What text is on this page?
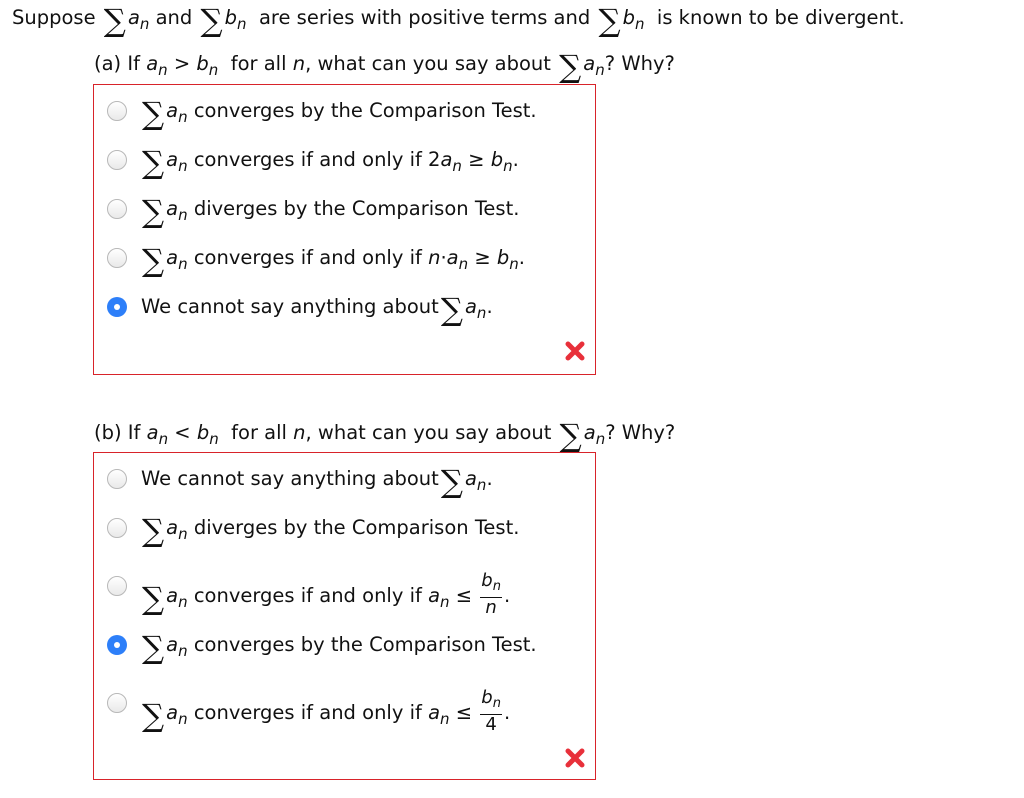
Suppose ∑ $a_n$ and ∑ $b_n$ are series with positive terms and ∑ $b_n$ is known to be divergent.
(a) If $a_n > b_n$ for all n, what can you say about ∑ $a_n$? Why?
∑ $a_n$ converges by the Comparison Test.
∑ $a_n$ converges if and only if $2a_n \ge b_n$.
∑ $a_n$ diverges by the Comparison Test.
∑ $a_n$ converges if and only if $n\cdot a_n \ge b_n$.
We cannot say anything about∑ $a_n$.
(b) If $a_n < b_n$ for all n, what can you say about ∑ $a_n$? Why?
We cannot say anything about∑ $a_n$.
∑ $a_n$ diverges by the Comparison Test.
∑ $a_n$ converges if and only if $a_n \le \frac{b_n}{n}$ .
∑ $a_n$ converges by the Comparison Test.
∑ $a_n$ converges if and only if $a_n \le \frac{b_n}{4}$ .
